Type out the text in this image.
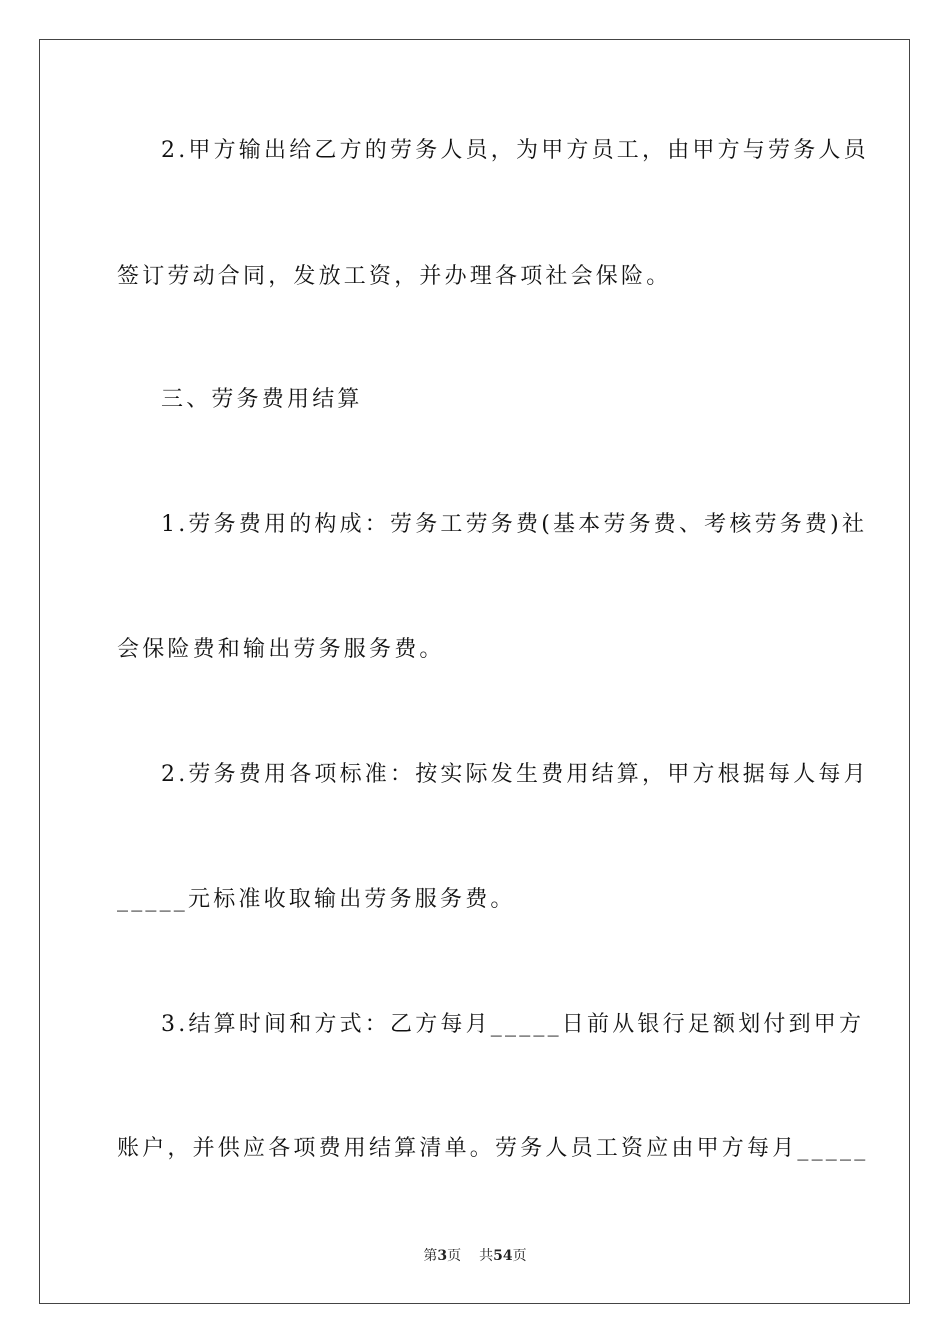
2.甲方输出给乙方的劳务人员，为甲方员工，由甲方与劳务人员
签订劳动合同，发放工资，并办理各项社会保险。
三、劳务费用结算
1.劳务费用的构成：劳务工劳务费(基本劳务费、考核劳务费)社
会保险费和输出劳务服务费。
2.劳务费用各项标准：按实际发生费用结算，甲方根据每人每月
_____元标准收取输出劳务服务费。
3.结算时间和方式：乙方每月_____日前从银行足额划付到甲方
账户，并供应各项费用结算清单。劳务人员工资应由甲方每月_____
第3页 共54页
